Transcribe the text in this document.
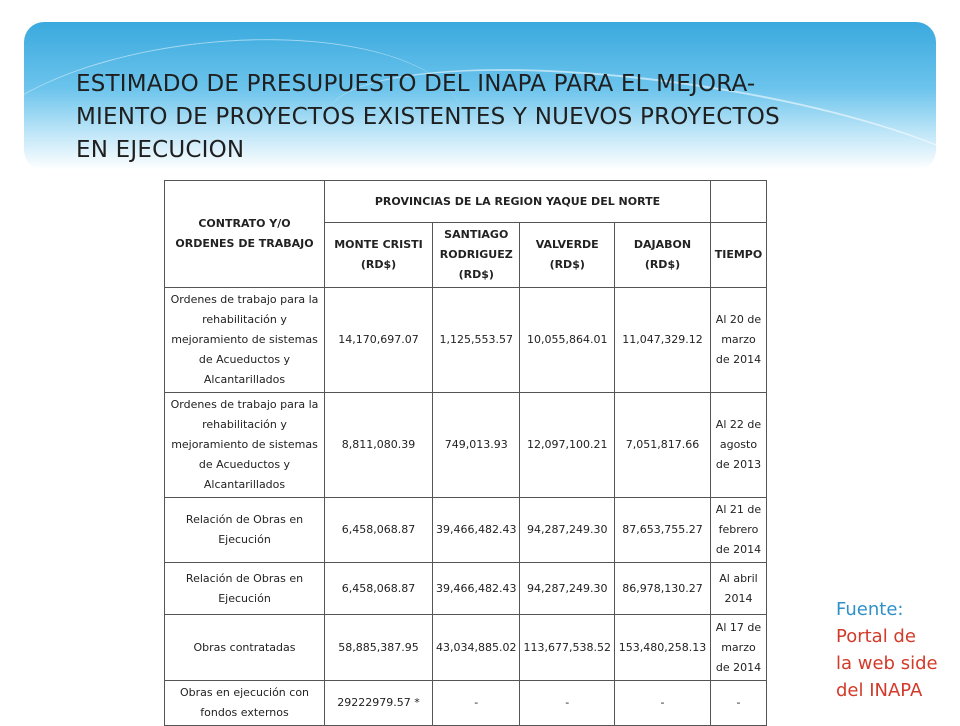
ESTIMADO DE PRESUPUESTO DEL INAPA PARA EL MEJORA-
MIENTO DE PROYECTOS EXISTENTES Y NUEVOS PROYECTOS
EN EJECUCION
CONTRATO Y/O ORDENES DE TRABAJO	PROVINCIAS DE LA REGION YAQUE DEL NORTE				
	MONTE CRISTI (RD$)	SANTIAGO RODRIGUEZ (RD$)	VALVERDE (RD$)	DAJABON (RD$)	TIEMPO
Ordenes de trabajo para la rehabilitación y mejoramiento de sistemas de Acueductos y Alcantarillados	14,170,697.07	1,125,553.57	10,055,864.01	11,047,329.12	Al 20 de marzo de 2014
Ordenes de trabajo para la rehabilitación y mejoramiento de sistemas de Acueductos y Alcantarillados	8,811,080.39	749,013.93	12,097,100.21	7,051,817.66	Al 22 de agosto de 2013
Relación de Obras en Ejecución	6,458,068.87	39,466,482.43	94,287,249.30	87,653,755.27	Al 21 de febrero de 2014
Relación de Obras en Ejecución	6,458,068.87	39,466,482.43	94,287,249.30	86,978,130.27	Al abril 2014
Obras contratadas	58,885,387.95	43,034,885.02	113,677,538.52	153,480,258.13	Al 17 de marzo de 2014
Obras en ejecución con fondos externos	29222979.57 *	-	-	-	-
Fuente:
Portal de
la web side
del INAPA
